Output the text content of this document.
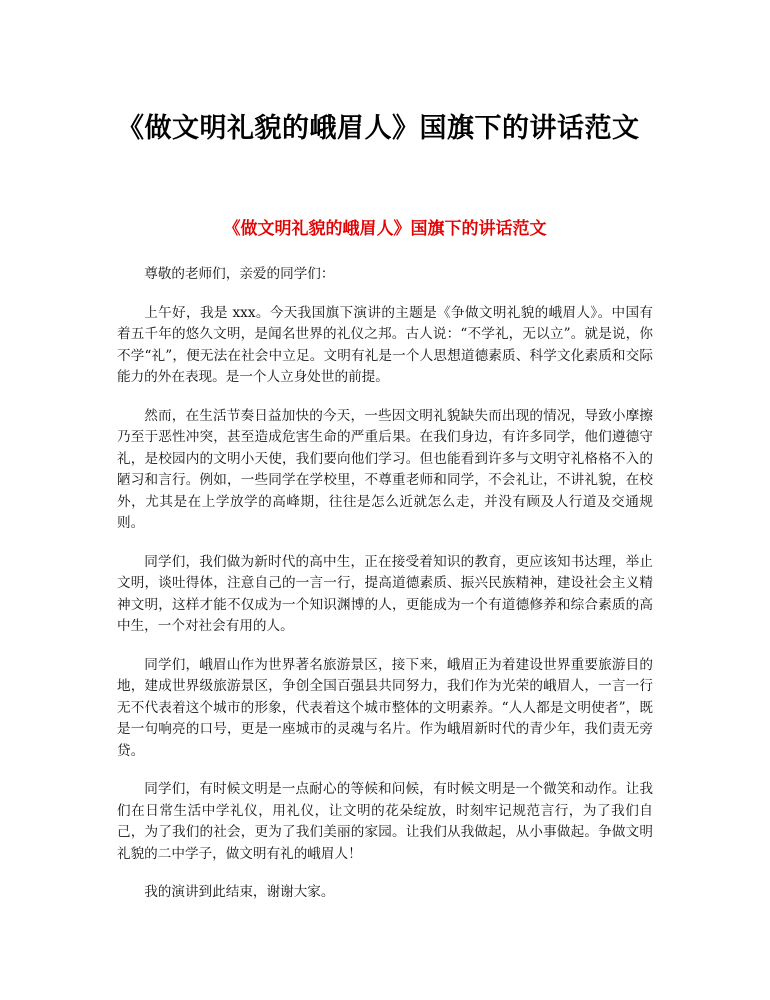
《做文明礼貌的峨眉人》国旗下的讲话范文
《做文明礼貌的峨眉人》国旗下的讲话范文

尊敬的老师们，亲爱的同学们：

上午好，我是 xxx。今天我国旗下演讲的主题是《争做文明礼貌的峨眉人》。中国有着五千年的悠久文明，是闻名世界的礼仪之邦。古人说：“不学礼，无以立”。就是说，你不学“礼”，便无法在社会中立足。文明有礼是一个人思想道德素质、科学文化素质和交际能力的外在表现。是一个人立身处世的前提。

然而，在生活节奏日益加快的今天，一些因文明礼貌缺失而出现的情况，导致小摩擦乃至于恶性冲突，甚至造成危害生命的严重后果。在我们身边，有许多同学，他们遵德守礼，是校园内的文明小天使，我们要向他们学习。但也能看到许多与文明守礼格格不入的陋习和言行。例如，一些同学在学校里，不尊重老师和同学，不会礼让，不讲礼貌，在校外，尤其是在上学放学的高峰期，往往是怎么近就怎么走，并没有顾及人行道及交通规则。

同学们，我们做为新时代的高中生，正在接受着知识的教育，更应该知书达理，举止文明，谈吐得体，注意自己的一言一行，提高道德素质、振兴民族精神，建设社会主义精神文明，这样才能不仅成为一个知识渊博的人，更能成为一个有道德修养和综合素质的高中生，一个对社会有用的人。

同学们，峨眉山作为世界著名旅游景区，接下来，峨眉正为着建设世界重要旅游目的地，建成世界级旅游景区，争创全国百强县共同努力，我们作为光荣的峨眉人，一言一行无不代表着这个城市的形象，代表着这个城市整体的文明素养。“人人都是文明使者”，既是一句响亮的口号，更是一座城市的灵魂与名片。作为峨眉新时代的青少年，我们责无旁贷。

同学们，有时候文明是一点耐心的等候和问候，有时候文明是一个微笑和动作。让我们在日常生活中学礼仪，用礼仪，让文明的花朵绽放，时刻牢记规范言行，为了我们自己，为了我们的社会，更为了我们美丽的家园。让我们从我做起，从小事做起。争做文明礼貌的二中学子，做文明有礼的峨眉人！

我的演讲到此结束，谢谢大家。
